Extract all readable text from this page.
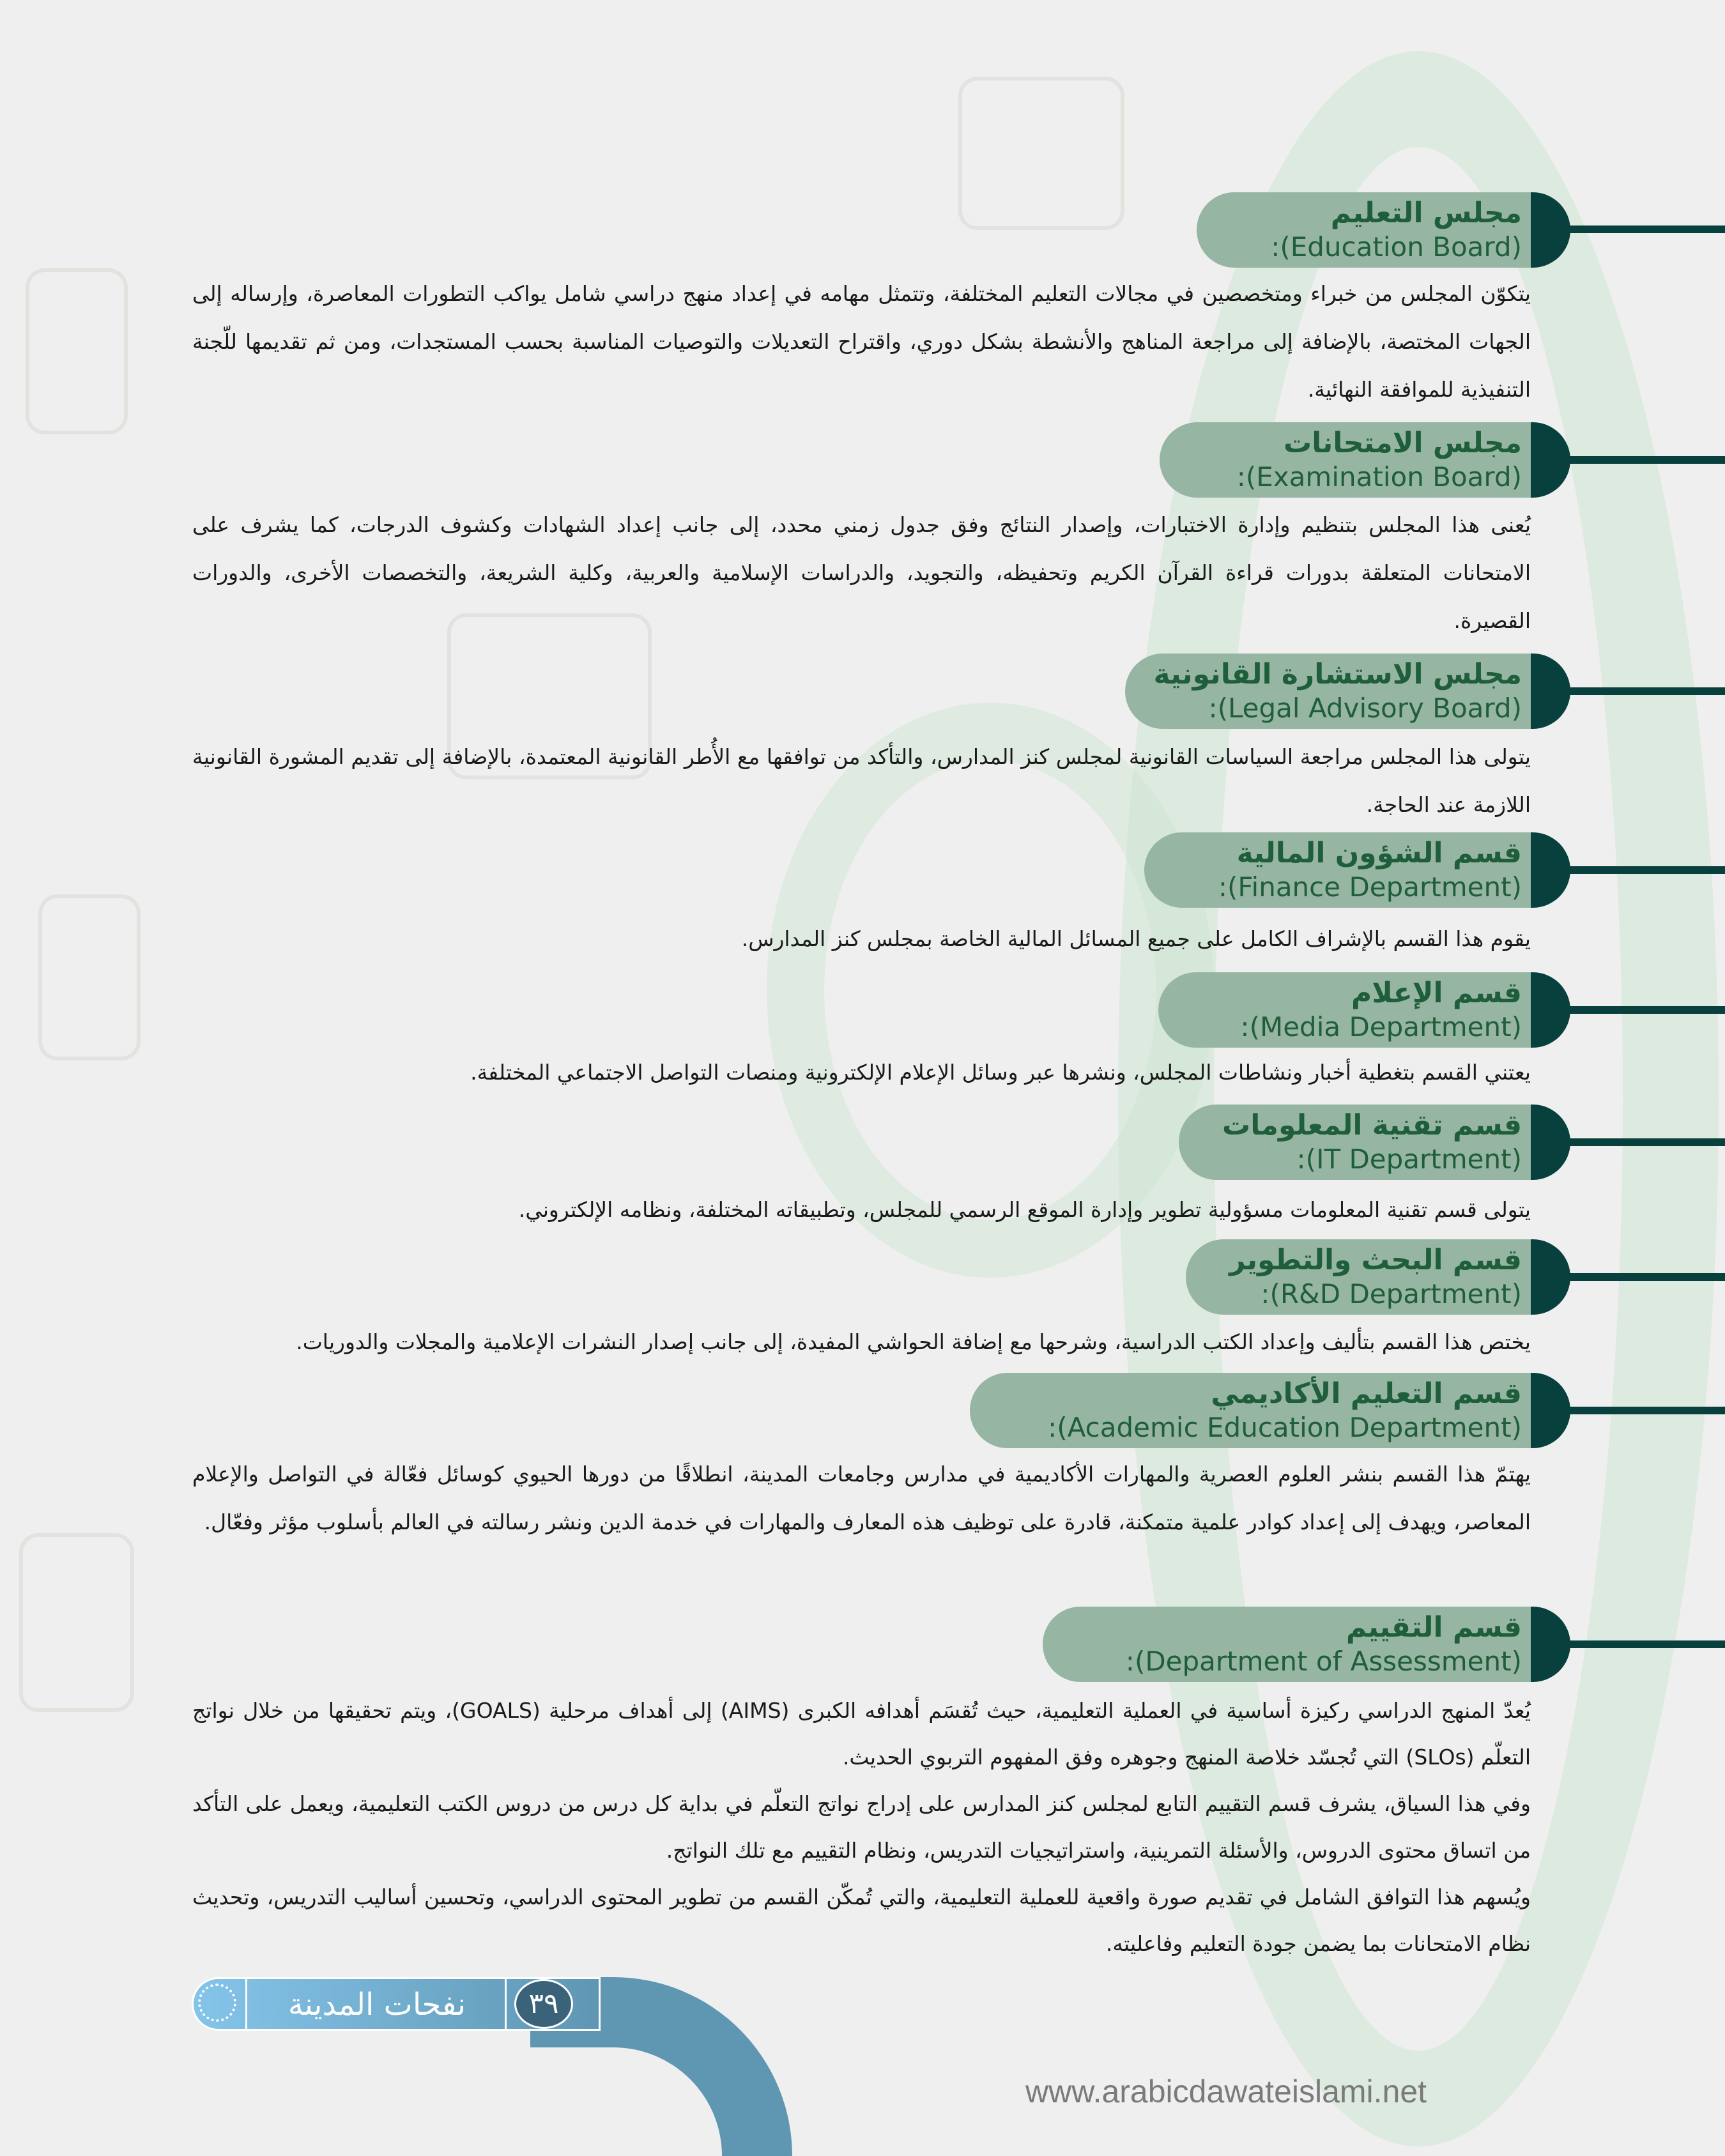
مجلس التعليم
:(Education Board)

يتكوّن المجلس من خبراء ومتخصصين في مجالات التعليم المختلفة، وتتمثل مهامه في إعداد منهج دراسي شامل يواكب التطورات المعاصرة، وإرساله إلى الجهات المختصة، بالإضافة إلى مراجعة المناهج والأنشطة بشكل دوري، واقتراح التعديلات والتوصيات المناسبة بحسب المستجدات، ومن ثم تقديمها للّجنة التنفيذية للموافقة النهائية.

مجلس الامتحانات
:(Examination Board)

يُعنى هذا المجلس بتنظيم وإدارة الاختبارات، وإصدار النتائج وفق جدول زمني محدد، إلى جانب إعداد الشهادات وكشوف الدرجات، كما يشرف على الامتحانات المتعلقة بدورات قراءة القرآن الكريم وتحفيظه، والتجويد، والدراسات الإسلامية والعربية، وكلية الشريعة، والتخصصات الأخرى، والدورات القصيرة.

مجلس الاستشارة القانونية
:(Legal Advisory Board)

يتولى هذا المجلس مراجعة السياسات القانونية لمجلس كنز المدارس، والتأكد من توافقها مع الأُطر القانونية المعتمدة، بالإضافة إلى تقديم المشورة القانونية اللازمة عند الحاجة.

قسم الشؤون المالية
:(Finance Department)

يقوم هذا القسم بالإشراف الكامل على جميع المسائل المالية الخاصة بمجلس كنز المدارس.

قسم الإعلام
:(Media Department)

يعتني القسم بتغطية أخبار ونشاطات المجلس، ونشرها عبر وسائل الإعلام الإلكترونية ومنصات التواصل الاجتماعي المختلفة.

قسم تقنية المعلومات
:(IT Department)

يتولى قسم تقنية المعلومات مسؤولية تطوير وإدارة الموقع الرسمي للمجلس، وتطبيقاته المختلفة، ونظامه الإلكتروني.

قسم البحث والتطوير
:(R&D Department)

يختص هذا القسم بتأليف وإعداد الكتب الدراسية، وشرحها مع إضافة الحواشي المفيدة، إلى جانب إصدار النشرات الإعلامية والمجلات والدوريات.

قسم التعليم الأكاديمي
:(Academic Education Department)

يهتمّ هذا القسم بنشر العلوم العصرية والمهارات الأكاديمية في مدارس وجامعات المدينة، انطلاقًا من دورها الحيوي كوسائل فعّالة في التواصل والإعلام المعاصر، ويهدف إلى إعداد كوادر علمية متمكنة، قادرة على توظيف هذه المعارف والمهارات في خدمة الدين ونشر رسالته في العالم بأسلوب مؤثر وفعّال.

قسم التقييم
:(Department of Assessment)

يُعدّ المنهج الدراسي ركيزة أساسية في العملية التعليمية، حيث تُقسَم أهدافه الكبرى (AIMS) إلى أهداف مرحلية (GOALS)، ويتم تحقيقها من خلال نواتج التعلّم (SLOs) التي تُجسّد خلاصة المنهج وجوهره وفق المفهوم التربوي الحديث.

وفي هذا السياق، يشرف قسم التقييم التابع لمجلس كنز المدارس على إدراج نواتج التعلّم في بداية كل درس من دروس الكتب التعليمية، ويعمل على التأكد من اتساق محتوى الدروس، والأسئلة التمرينية، واستراتيجيات التدريس، ونظام التقييم مع تلك النواتج.

ويُسهم هذا التوافق الشامل في تقديم صورة واقعية للعملية التعليمية، والتي تُمكّن القسم من تطوير المحتوى الدراسي، وتحسين أساليب التدريس، وتحديث نظام الامتحانات بما يضمن جودة التعليم وفاعليته.

نفحات المدينة	٣٩
www.arabicdawateislami.net
